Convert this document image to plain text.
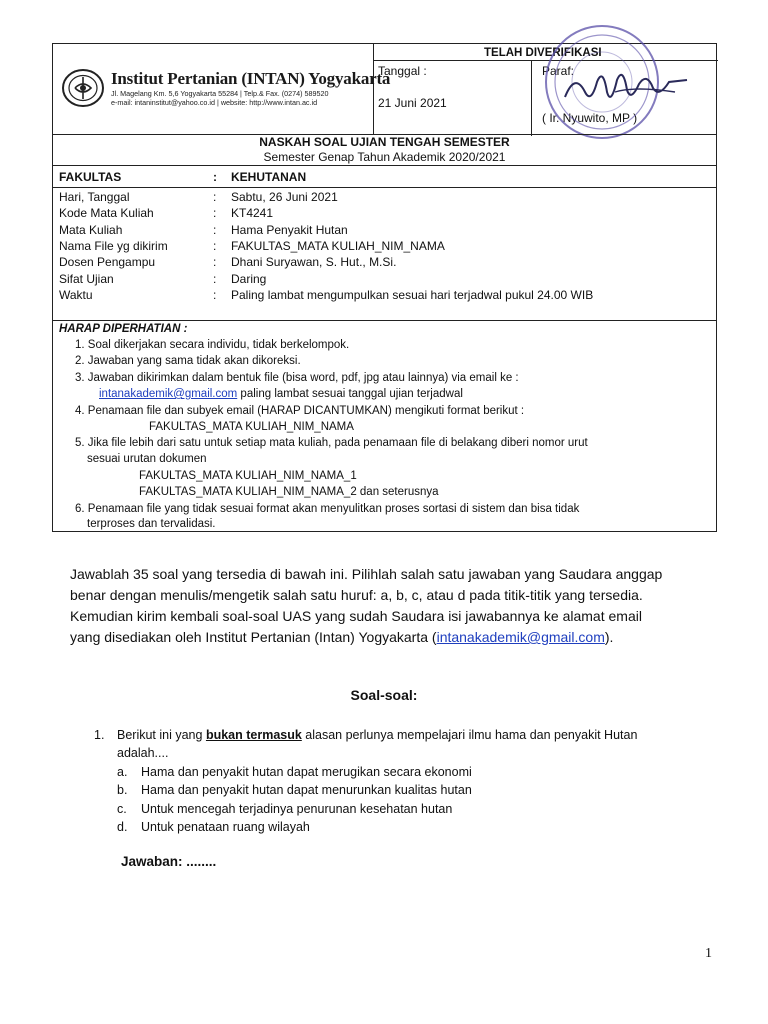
Institut Pertanian (INTAN) Yogyakarta
Jl. Magelang Km. 5,6 Yogyakarta 55284 | Telp.& Fax. (0274) 589520
e-mail: intaninstitut@yahoo.co.id | website: http://www.intan.ac.id
TELAH DIVERIFIKASI
Tanggal :
21 Juni 2021
Paraf:
( Ir. Nyuwito, MP )
NASKAH SOAL UJIAN TENGAH SEMESTER
Semester Genap Tahun Akademik 2020/2021
FAKULTAS	: KEHUTANAN
Hari, Tanggal	: Sabtu, 26 Juni 2021
Kode Mata Kuliah	: KT4241
Mata Kuliah	: Hama Penyakit Hutan
Nama File yg dikirim	: FAKULTAS_MATA KULIAH_NIM_NAMA
Dosen Pengampu	: Dhani Suryawan, S. Hut., M.Si.
Sifat Ujian	: Daring
Waktu	: Paling lambat mengumpulkan sesuai hari terjadwal pukul 24.00 WIB
HARAP DIPERHATIAN :
1. Soal dikerjakan secara individu, tidak berkelompok.
2. Jawaban yang sama tidak akan dikoreksi.
3. Jawaban dikirimkan dalam bentuk file (bisa word, pdf, jpg atau lainnya) via email ke :
intanakademik@gmail.com paling lambat sesuai tanggal ujian terjadwal
4. Penamaan file dan subyek email (HARAP DICANTUMKAN) mengikuti format berikut :
FAKULTAS_MATA KULIAH_NIM_NAMA
5. Jika file lebih dari satu untuk setiap mata kuliah, pada penamaan file di belakang diberi nomor urut
sesuai urutan dokumen
FAKULTAS_MATA KULIAH_NIM_NAMA_1
FAKULTAS_MATA KULIAH_NIM_NAMA_2 dan seterusnya
6. Penamaan file yang tidak sesuai format akan menyulitkan proses sortasi di sistem dan bisa tidak
terproses dan tervalidasi.
Jawablah 35 soal yang tersedia di bawah ini. Pilihlah salah satu jawaban yang Saudara anggap
benar dengan menulis/mengetik salah satu huruf: a, b, c, atau d pada titik-titik yang tersedia.
Kemudian kirim kembali soal-soal UAS yang sudah Saudara isi jawabannya ke alamat email
yang disediakan oleh Institut Pertanian (Intan) Yogyakarta (intanakademik@gmail.com).
Soal-soal:
1. Berikut ini yang bukan termasuk alasan perlunya mempelajari ilmu hama dan penyakit Hutan
adalah....
a. Hama dan penyakit hutan dapat merugikan secara ekonomi
b. Hama dan penyakit hutan dapat menurunkan kualitas hutan
c. Untuk mencegah terjadinya penurunan kesehatan hutan
d. Untuk penataan ruang wilayah
Jawaban: ........
1
